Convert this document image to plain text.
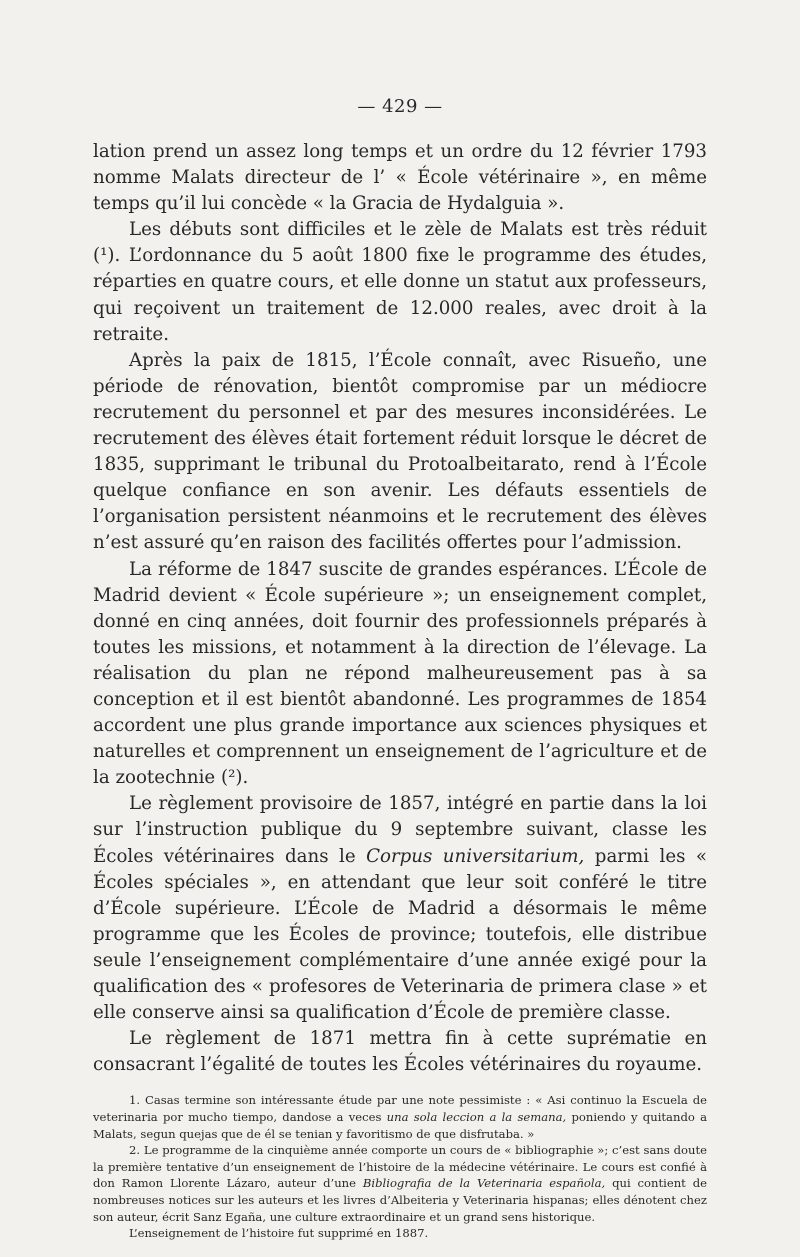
— 429 —

lation prend un assez long temps et un ordre du 12 février 1793 nomme Malats directeur de l’ « École vétérinaire », en même temps qu’il lui concède « la Gracia de Hydalguia ».

Les débuts sont difficiles et le zèle de Malats est très réduit (¹). L’ordonnance du 5 août 1800 fixe le programme des études, réparties en quatre cours, et elle donne un statut aux professeurs, qui reçoivent un traitement de 12.000 reales, avec droit à la retraite.

Après la paix de 1815, l’École connaît, avec Risueño, une période de rénovation, bientôt compromise par un médiocre recrutement du personnel et par des mesures inconsidérées. Le recrutement des élèves était fortement réduit lorsque le décret de 1835, supprimant le tribunal du Protoalbeitarato, rend à l’École quelque confiance en son avenir. Les défauts essentiels de l’organisation persistent néanmoins et le recrutement des élèves n’est assuré qu’en raison des facilités offertes pour l’admission.

La réforme de 1847 suscite de grandes espérances. L’École de Madrid devient « École supérieure »; un enseignement complet, donné en cinq années, doit fournir des professionnels préparés à toutes les missions, et notamment à la direction de l’élevage. La réalisation du plan ne répond malheureusement pas à sa conception et il est bientôt abandonné. Les programmes de 1854 accordent une plus grande importance aux sciences physiques et naturelles et comprennent un enseignement de l’agriculture et de la zootechnie (²).

Le règlement provisoire de 1857, intégré en partie dans la loi sur l’instruction publique du 9 septembre suivant, classe les Écoles vétérinaires dans le Corpus universitarium, parmi les « Écoles spéciales », en attendant que leur soit conféré le titre d’École supérieure. L’École de Madrid a désormais le même programme que les Écoles de province; toutefois, elle distribue seule l’enseignement complémentaire d’une année exigé pour la qualification des « profesores de Veterinaria de primera clase » et elle conserve ainsi sa qualification d’École de première classe.

Le règlement de 1871 mettra fin à cette suprématie en consacrant l’égalité de toutes les Écoles vétérinaires du royaume.

1. Casas termine son intéressante étude par une note pessimiste : « Asi continuo la Escuela de veterinaria por mucho tiempo, dandose a veces una sola leccion a la semana, poniendo y quitando a Malats, segun quejas que de él se tenian y favoritismo de que disfrutaba. »

2. Le programme de la cinquième année comporte un cours de « bibliographie »; c’est sans doute la première tentative d’un enseignement de l’histoire de la médecine vétérinaire. Le cours est confié à don Ramon Llorente Lázaro, auteur d’une Bibliografia de la Veterinaria española, qui contient de nombreuses notices sur les auteurs et les livres d’Albeiteria y Veterinaria hispanas; elles dénotent chez son auteur, écrit Sanz Egaña, une culture extraordinaire et un grand sens historique.

L’enseignement de l’histoire fut supprimé en 1887.
